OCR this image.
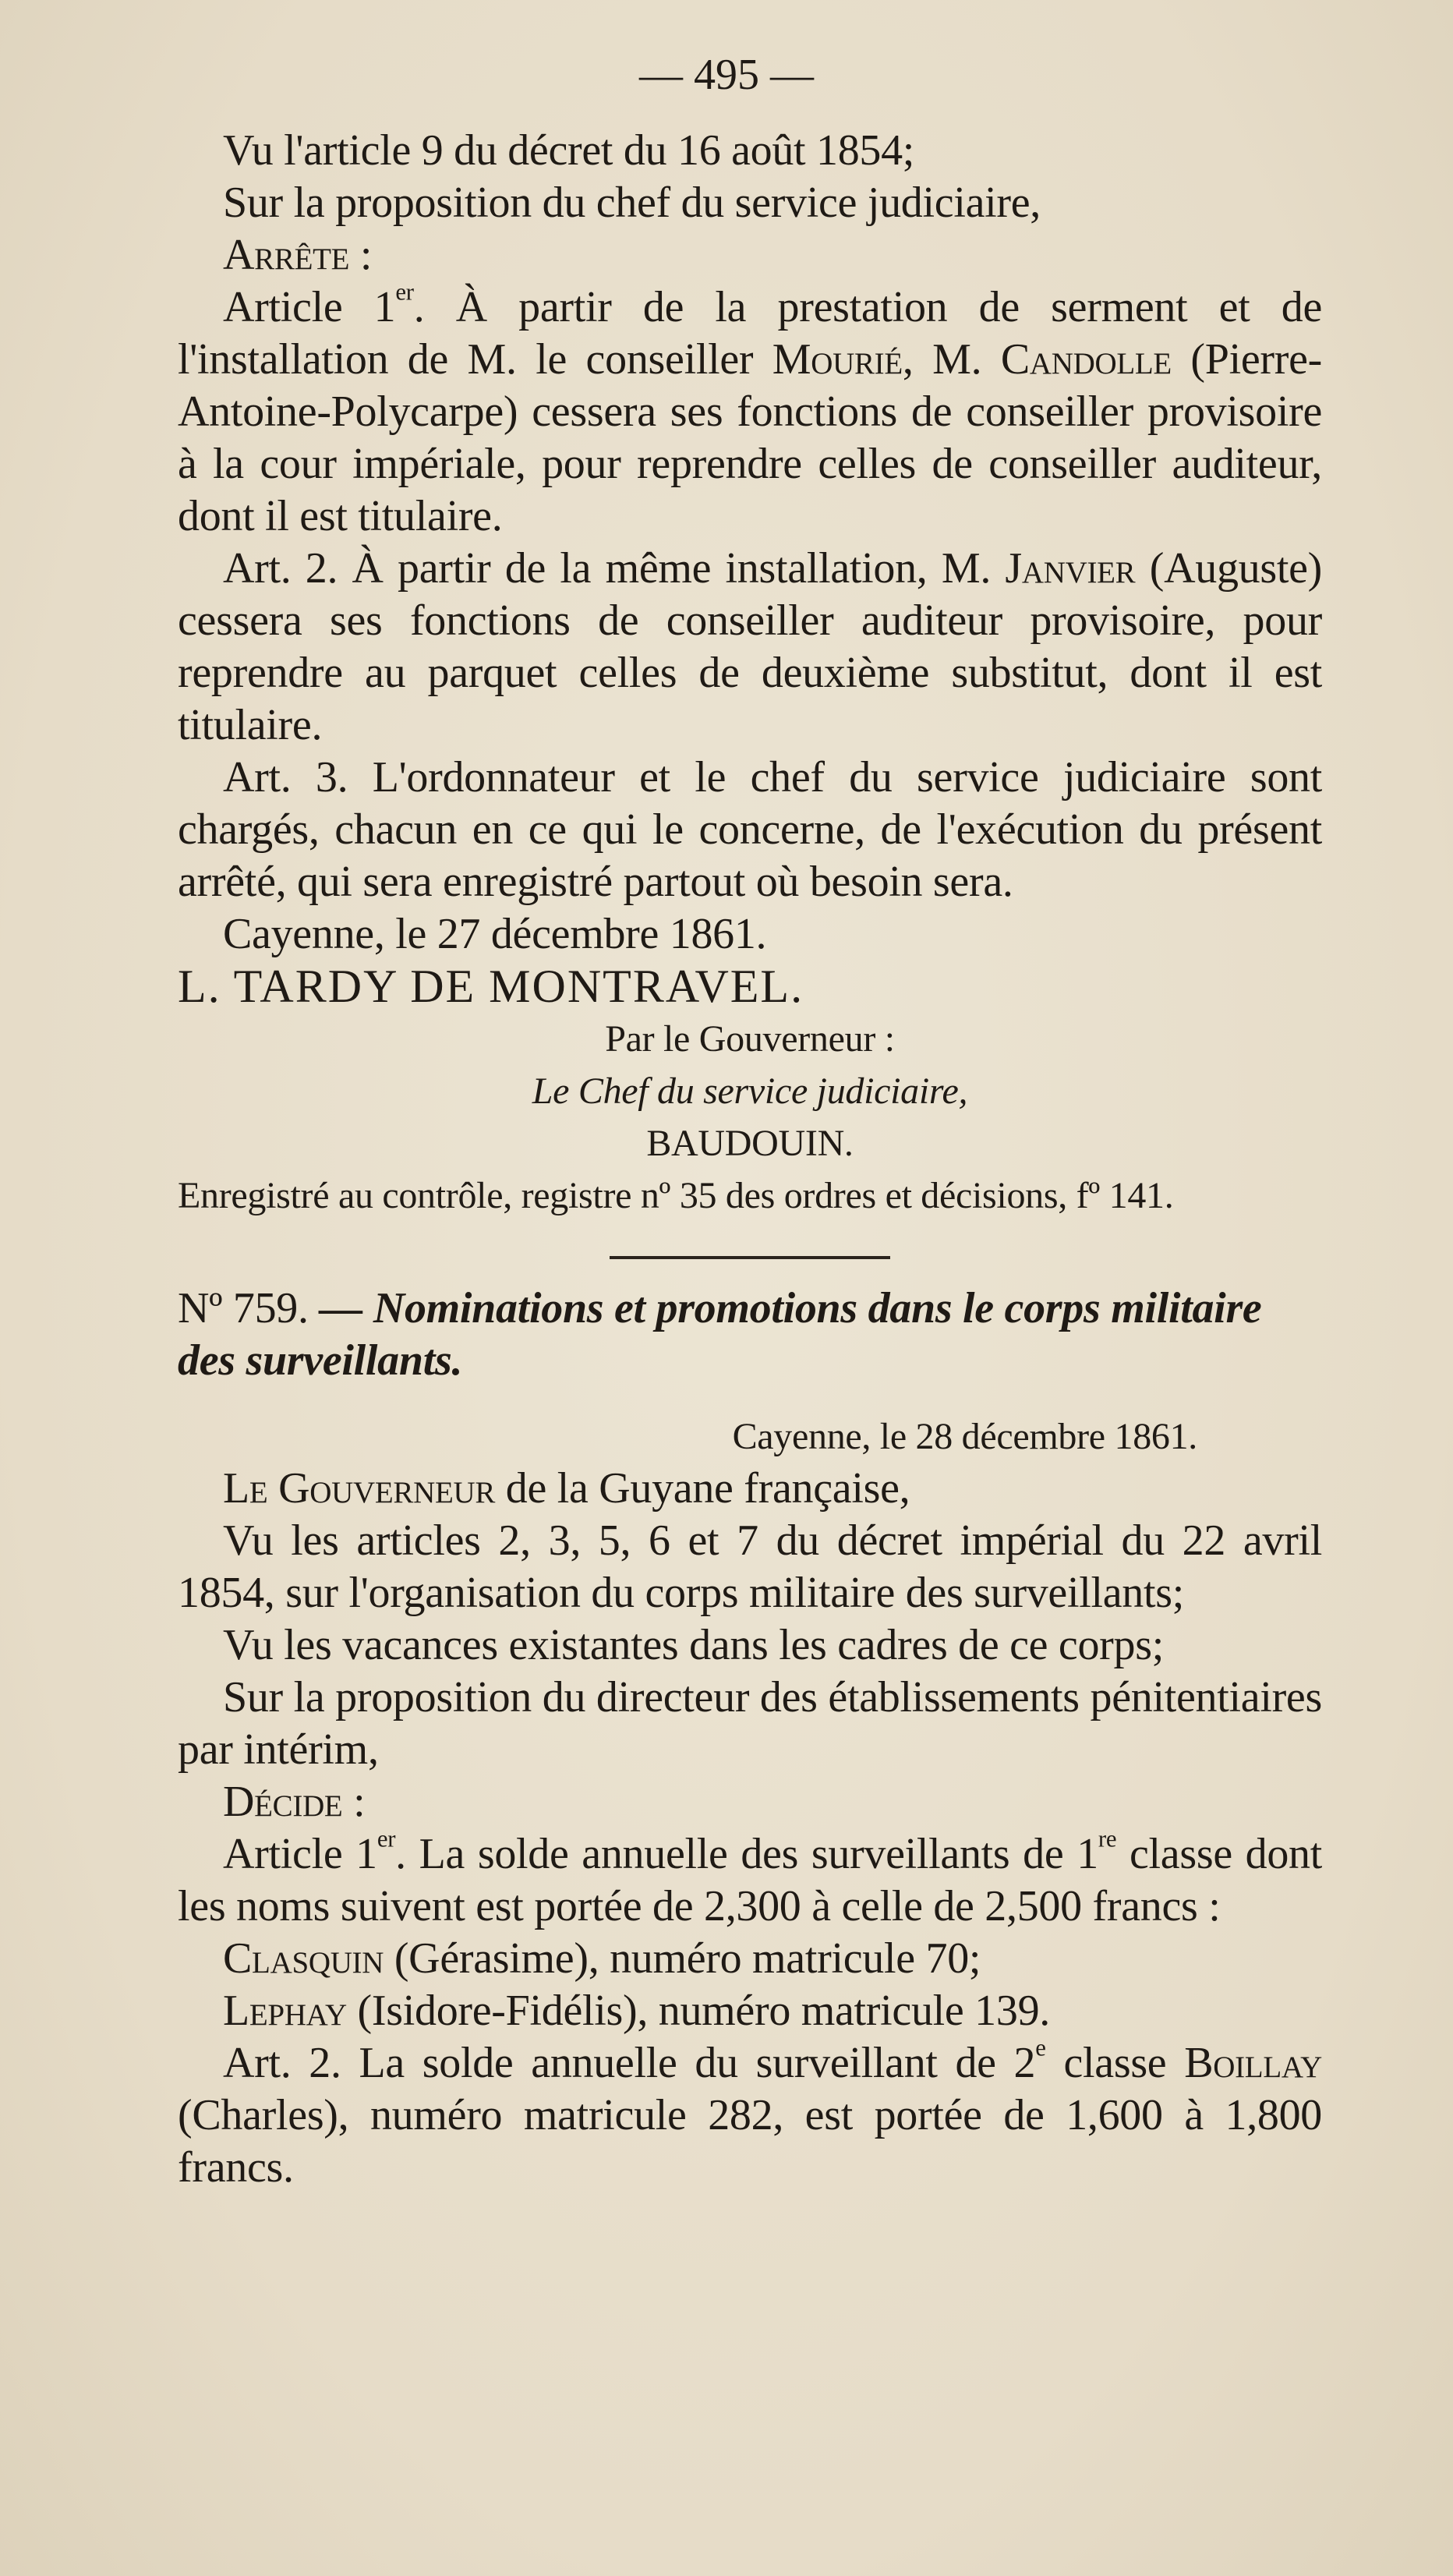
— 495 —

Vu l'article 9 du décret du 16 août 1854;

Sur la proposition du chef du service judiciaire,

Arrête :

Article 1er. À partir de la prestation de serment et de l'installation de M. le conseiller Mourié, M. Candolle (Pierre-Antoine-Polycarpe) cessera ses fonctions de conseiller provisoire à la cour impériale, pour reprendre celles de conseiller auditeur, dont il est titulaire.

Art. 2. À partir de la même installation, M. Janvier (Auguste) cessera ses fonctions de conseiller auditeur provisoire, pour reprendre au parquet celles de deuxième substitut, dont il est titulaire.

Art. 3. L'ordonnateur et le chef du service judiciaire sont chargés, chacun en ce qui le concerne, de l'exécution du présent arrêté, qui sera enregistré partout où besoin sera.

Cayenne, le 27 décembre 1861.

L. TARDY DE MONTRAVEL.

Par le Gouverneur :

Le Chef du service judiciaire,

BAUDOUIN.

Enregistré au contrôle, registre nº 35 des ordres et décisions, fº 141.

Nº 759. — Nominations et promotions dans le corps militaire

des surveillants.

Cayenne, le 28 décembre 1861.

Le Gouverneur de la Guyane française,

Vu les articles 2, 3, 5, 6 et 7 du décret impérial du 22 avril 1854, sur l'organisation du corps militaire des surveillants;

Vu les vacances existantes dans les cadres de ce corps;

Sur la proposition du directeur des établissements pénitentiaires par intérim,

Décide :

Article 1er. La solde annuelle des surveillants de 1re classe dont les noms suivent est portée de 2,300 à celle de 2,500 francs :

Clasquin (Gérasime), numéro matricule 70;

Lephay (Isidore-Fidélis), numéro matricule 139.

Art. 2. La solde annuelle du surveillant de 2e classe Boillay (Charles), numéro matricule 282, est portée de 1,600 à 1,800 francs.
